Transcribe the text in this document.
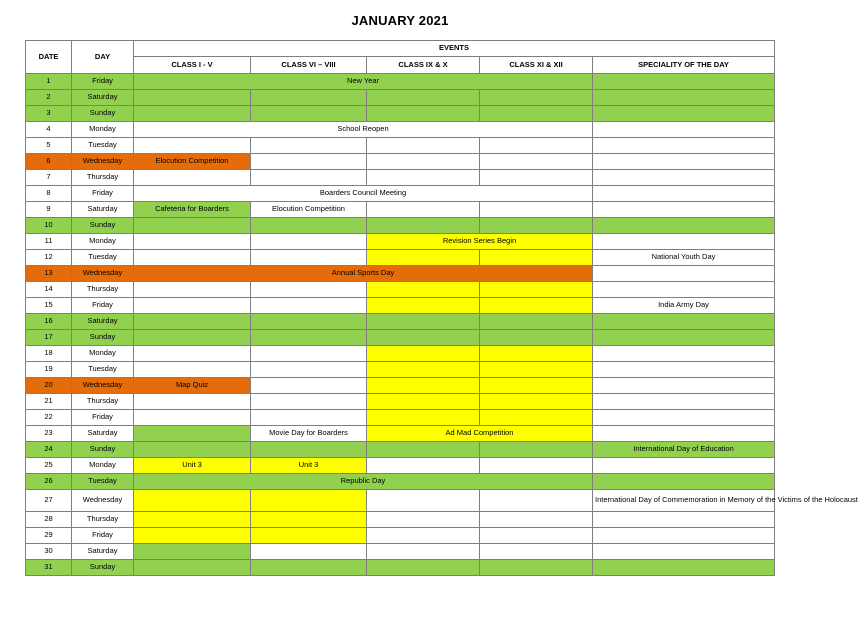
JANUARY 2021
DATE	DAY	EVENTS				
		CLASS I - V	CLASS VI – VIII	CLASS IX & X	CLASS XI & XII	SPECIALITY OF THE DAY
1	Friday	New Year				
2	Saturday					
3	Sunday					
4	Monday	School Reopen				
5	Tuesday					
6	Wednesday	Elocution Competition				
7	Thursday					
8	Friday	Boarders Council Meeting				
9	Saturday	Cafeteria for Boarders	Elocution Competition			
10	Sunday					
11	Monday			Revision Series Begin		
12	Tuesday					National Youth Day
13	Wednesday	Annual Sports Day				
14	Thursday					
15	Friday					India Army Day
16	Saturday					
17	Sunday					
18	Monday					
19	Tuesday					
20	Wednesday	Map Quiz				
21	Thursday					
22	Friday					
23	Saturday		Movie Day for Boarders	Ad Mad Competition		
24	Sunday					International Day of Education
25	Monday	Unit 3	Unit 3			
26	Tuesday	Republic Day				
27	Wednesday					International Day of Commemoration in Memory of the Victims of the Holocaust
28	Thursday					
29	Friday					
30	Saturday					
31	Sunday					
